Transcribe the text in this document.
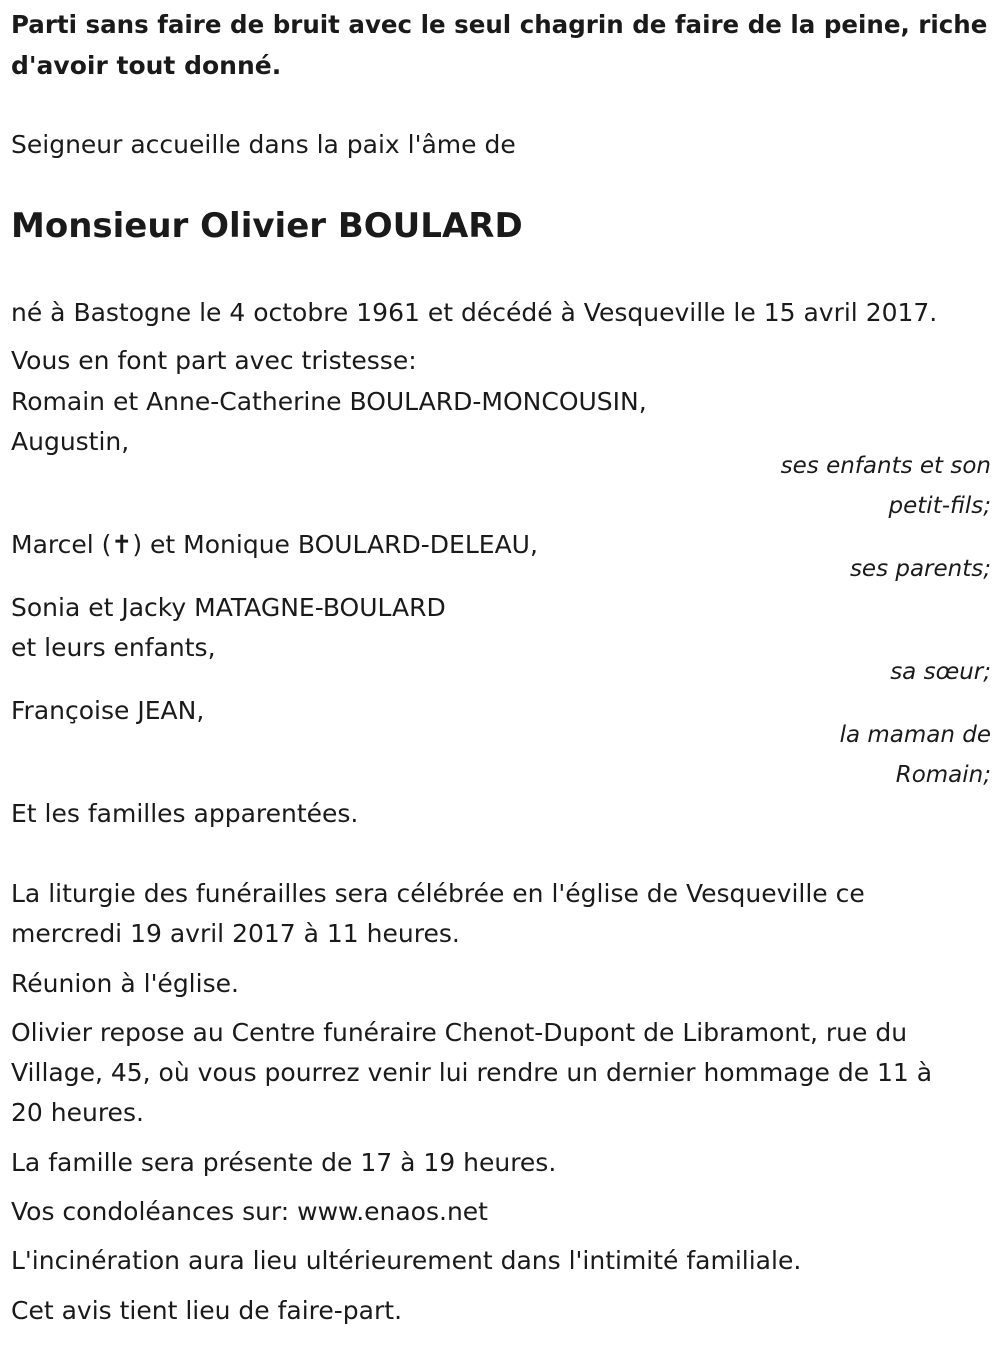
Parti sans faire de bruit avec le seul chagrin de faire de la peine, riche
d'avoir tout donné.
Seigneur accueille dans la paix l'âme de
Monsieur Olivier BOULARD
né à Bastogne le 4 octobre 1961 et décédé à Vesqueville le 15 avril 2017.
Vous en font part avec tristesse:
Romain et Anne-Catherine BOULARD-MONCOUSIN,
Augustin,
ses enfants et son
petit-fils;
Marcel (✝) et Monique BOULARD-DELEAU,
ses parents;
Sonia et Jacky MATAGNE-BOULARD
et leurs enfants,
sa sœur;
Françoise JEAN,
la maman de
Romain;
Et les familles apparentées.
La liturgie des funérailles sera célébrée en l'église de Vesqueville ce
mercredi 19 avril 2017 à 11 heures.
Réunion à l'église.
Olivier repose au Centre funéraire Chenot-Dupont de Libramont, rue du
Village, 45, où vous pourrez venir lui rendre un dernier hommage de 11 à
20 heures.
La famille sera présente de 17 à 19 heures.
Vos condoléances sur: www.enaos.net
L'incinération aura lieu ultérieurement dans l'intimité familiale.
Cet avis tient lieu de faire-part.
